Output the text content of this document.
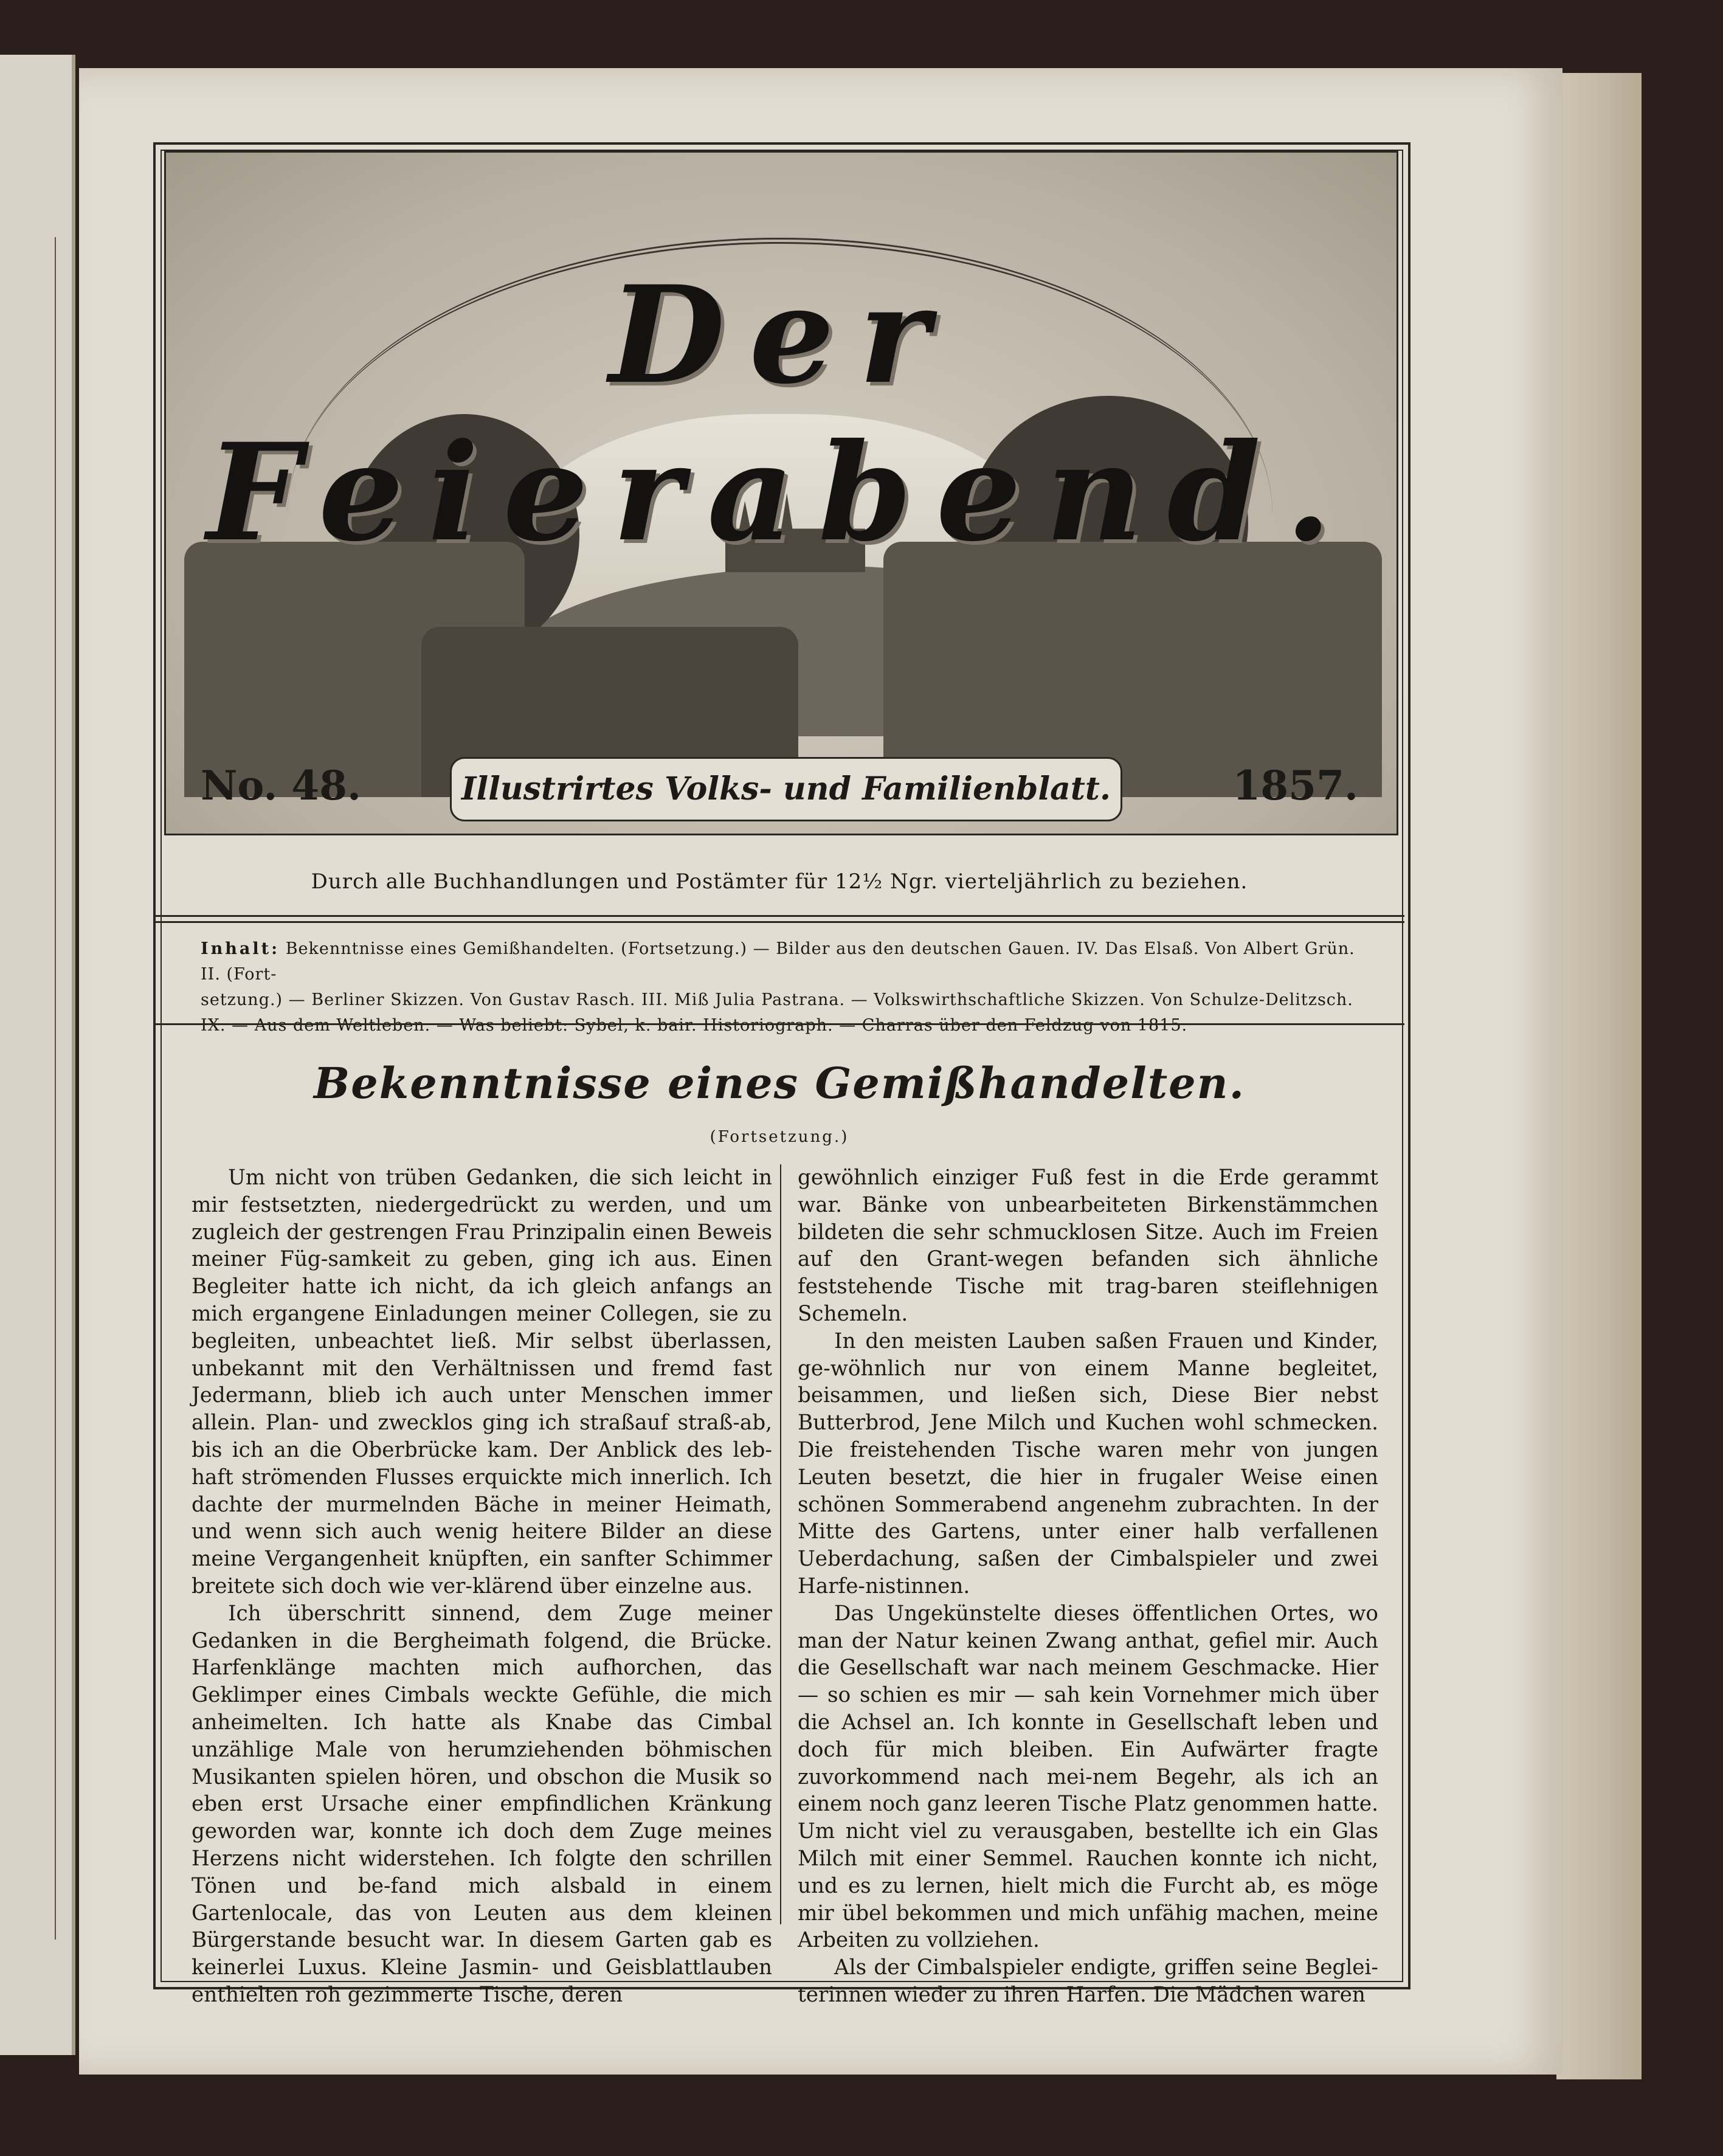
Der Feierabend.
No. 48.	Illustrirtes Volks- und Familienblatt.	1857.
Durch alle Buchhandlungen und Postämter für 12½ Ngr. vierteljährlich zu beziehen.
Inhalt: Bekenntnisse eines Gemißhandelten. (Fortsetzung.) — Bilder aus den deutschen Gauen. IV. Das Elsaß. Von Albert Grün. II. (Fort-
setzung.) — Berliner Skizzen. Von Gustav Rasch. III. Miß Julia Pastrana. — Volkswirthschaftliche Skizzen. Von Schulze-Delitzsch.
IX. — Aus dem Weltleben. — Was beliebt: Sybel, k. bair. Historiograph. — Charras über den Feldzug von 1815.
Bekenntnisse eines Gemißhandelten.
(Fortsetzung.)

Um nicht von trüben Gedanken, die sich leicht in mir festsetzten, niedergedrückt zu werden, und um zugleich der gestrengen Frau Prinzipalin einen Beweis meiner Füg-samkeit zu geben, ging ich aus. Einen Begleiter hatte ich nicht, da ich gleich anfangs an mich ergangene Einladungen meiner Collegen, sie zu begleiten, unbeachtet ließ. Mir selbst überlassen, unbekannt mit den Verhältnissen und fremd fast Jedermann, blieb ich auch unter Menschen immer allein. Plan- und zwecklos ging ich straßauf straß-ab, bis ich an die Oberbrücke kam. Der Anblick des leb-haft strömenden Flusses erquickte mich innerlich. Ich dachte der murmelnden Bäche in meiner Heimath, und wenn sich auch wenig heitere Bilder an diese meine Vergangenheit knüpften, ein sanfter Schimmer breitete sich doch wie ver-klärend über einzelne aus.

Ich überschritt sinnend, dem Zuge meiner Gedanken in die Bergheimath folgend, die Brücke. Harfenklänge machten mich aufhorchen, das Geklimper eines Cimbals weckte Gefühle, die mich anheimelten. Ich hatte als Knabe das Cimbal unzählige Male von herumziehenden böhmischen Musikanten spielen hören, und obschon die Musik so eben erst Ursache einer empfindlichen Kränkung geworden war, konnte ich doch dem Zuge meines Herzens nicht widerstehen. Ich folgte den schrillen Tönen und be-fand mich alsbald in einem Gartenlocale, das von Leuten aus dem kleinen Bürgerstande besucht war. In diesem Garten gab es keinerlei Luxus. Kleine Jasmin- und Geisblattlauben enthielten roh gezimmerte Tische, deren

gewöhnlich einziger Fuß fest in die Erde gerammt war. Bänke von unbearbeiteten Birkenstämmchen bildeten die sehr schmucklosen Sitze. Auch im Freien auf den Grant-wegen befanden sich ähnliche feststehende Tische mit trag-baren steiflehnigen Schemeln.

In den meisten Lauben saßen Frauen und Kinder, ge-wöhnlich nur von einem Manne begleitet, beisammen, und ließen sich, Diese Bier nebst Butterbrod, Jene Milch und Kuchen wohl schmecken. Die freistehenden Tische waren mehr von jungen Leuten besetzt, die hier in frugaler Weise einen schönen Sommerabend angenehm zubrachten. In der Mitte des Gartens, unter einer halb verfallenen Ueberdachung, saßen der Cimbalspieler und zwei Harfe-nistinnen.

Das Ungekünstelte dieses öffentlichen Ortes, wo man der Natur keinen Zwang anthat, gefiel mir. Auch die Gesellschaft war nach meinem Geschmacke. Hier — so schien es mir — sah kein Vornehmer mich über die Achsel an. Ich konnte in Gesellschaft leben und doch für mich bleiben. Ein Aufwärter fragte zuvorkommend nach mei-nem Begehr, als ich an einem noch ganz leeren Tische Platz genommen hatte. Um nicht viel zu verausgaben, bestellte ich ein Glas Milch mit einer Semmel. Rauchen konnte ich nicht, und es zu lernen, hielt mich die Furcht ab, es möge mir übel bekommen und mich unfähig machen, meine Arbeiten zu vollziehen.

Als der Cimbalspieler endigte, griffen seine Beglei-terinnen wieder zu ihren Harfen. Die Mädchen waren
